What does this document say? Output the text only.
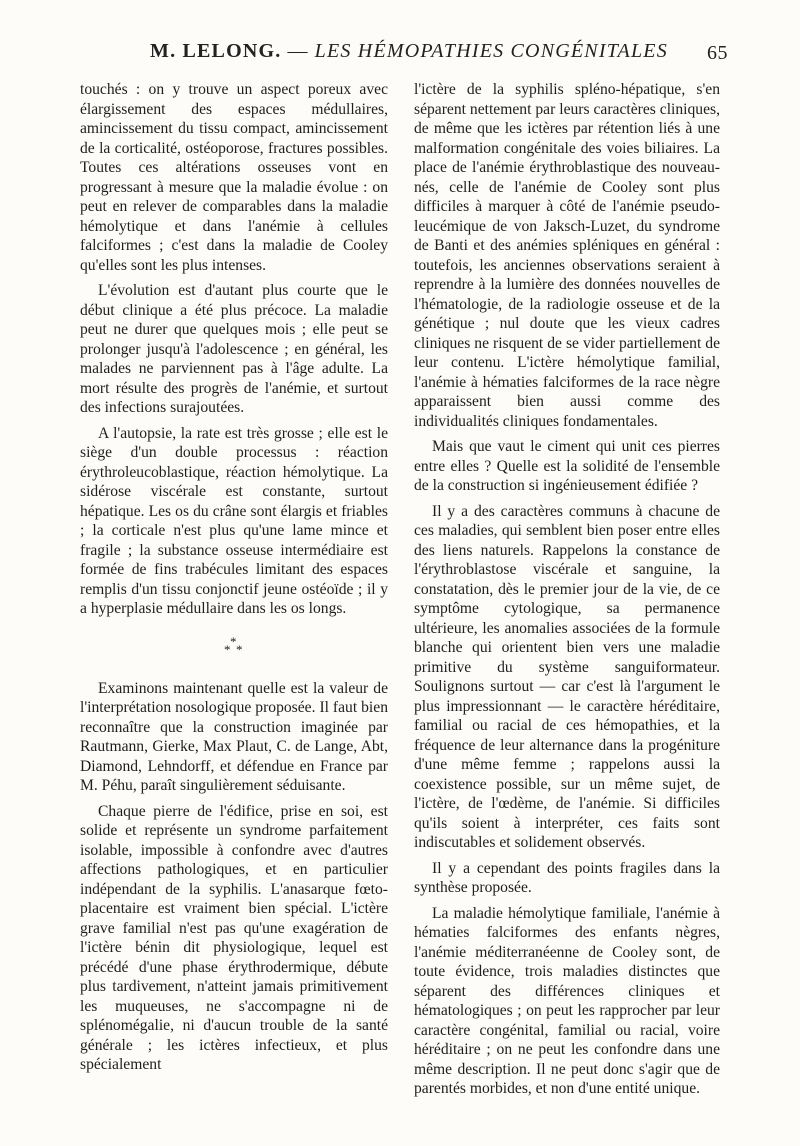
M. LELONG. — LES HÉMOPATHIES CONGÉNITALES 65

touchés : on y trouve un aspect poreux avec élargissement des espaces médullaires, amincissement du tissu compact, amincissement de la corticalité, ostéoporose, fractures possibles. Toutes ces altérations osseuses vont en progressant à mesure que la maladie évolue : on peut en relever de comparables dans la maladie hémolytique et dans l'anémie à cellules falciformes ; c'est dans la maladie de Cooley qu'elles sont les plus intenses.

L'évolution est d'autant plus courte que le début clinique a été plus précoce. La maladie peut ne durer que quelques mois ; elle peut se prolonger jusqu'à l'adolescence ; en général, les malades ne parviennent pas à l'âge adulte. La mort résulte des progrès de l'anémie, et surtout des infections surajoutées.

A l'autopsie, la rate est très grosse ; elle est le siège d'un double processus : réaction érythroleucoblastique, réaction hémolytique. La sidérose viscérale est constante, surtout hépatique. Les os du crâne sont élargis et friables ; la corticale n'est plus qu'une lame mince et fragile ; la substance osseuse intermédiaire est formée de fins trabécules limitant des espaces remplis d'un tissu conjonctif jeune ostéoïde ; il y a hyperplasie médullaire dans les os longs.

*
* *

Examinons maintenant quelle est la valeur de l'interprétation nosologique proposée. Il faut bien reconnaître que la construction imaginée par Rautmann, Gierke, Max Plaut, C. de Lange, Abt, Diamond, Lehndorff, et défendue en France par M. Péhu, paraît singulièrement séduisante.

Chaque pierre de l'édifice, prise en soi, est solide et représente un syndrome parfaitement isolable, impossible à confondre avec d'autres affections pathologiques, et en particulier indépendant de la syphilis. L'anasarque fœto-placentaire est vraiment bien spécial. L'ictère grave familial n'est pas qu'une exagération de l'ictère bénin dit physiologique, lequel est précédé d'une phase érythrodermique, débute plus tardivement, n'atteint jamais primitivement les muqueuses, ne s'accompagne ni de splénomégalie, ni d'aucun trouble de la santé générale ; les ictères infectieux, et plus spécialement

l'ictère de la syphilis spléno-hépatique, s'en séparent nettement par leurs caractères cliniques, de même que les ictères par rétention liés à une malformation congénitale des voies biliaires. La place de l'anémie érythroblastique des nouveau-nés, celle de l'anémie de Cooley sont plus difficiles à marquer à côté de l'anémie pseudo-leucémique de von Jaksch-Luzet, du syndrome de Banti et des anémies spléniques en général : toutefois, les anciennes observations seraient à reprendre à la lumière des données nouvelles de l'hématologie, de la radiologie osseuse et de la génétique ; nul doute que les vieux cadres cliniques ne risquent de se vider partiellement de leur contenu. L'ictère hémolytique familial, l'anémie à hématies falciformes de la race nègre apparaissent bien aussi comme des individualités cliniques fondamentales.

Mais que vaut le ciment qui unit ces pierres entre elles ? Quelle est la solidité de l'ensemble de la construction si ingénieusement édifiée ?

Il y a des caractères communs à chacune de ces maladies, qui semblent bien poser entre elles des liens naturels. Rappelons la constance de l'érythroblastose viscérale et sanguine, la constatation, dès le premier jour de la vie, de ce symptôme cytologique, sa permanence ultérieure, les anomalies associées de la formule blanche qui orientent bien vers une maladie primitive du système sanguiformateur. Soulignons surtout — car c'est là l'argument le plus impressionnant — le caractère héréditaire, familial ou racial de ces hémopathies, et la fréquence de leur alternance dans la progéniture d'une même femme ; rappelons aussi la coexistence possible, sur un même sujet, de l'ictère, de l'œdème, de l'anémie. Si difficiles qu'ils soient à interpréter, ces faits sont indiscutables et solidement observés.

Il y a cependant des points fragiles dans la synthèse proposée.

La maladie hémolytique familiale, l'anémie à hématies falciformes des enfants nègres, l'anémie méditerranéenne de Cooley sont, de toute évidence, trois maladies distinctes que séparent des différences cliniques et hématologiques ; on peut les rapprocher par leur caractère congénital, familial ou racial, voire héréditaire ; on ne peut les confondre dans une même description. Il ne peut donc s'agir que de parentés morbides, et non d'une entité unique.
